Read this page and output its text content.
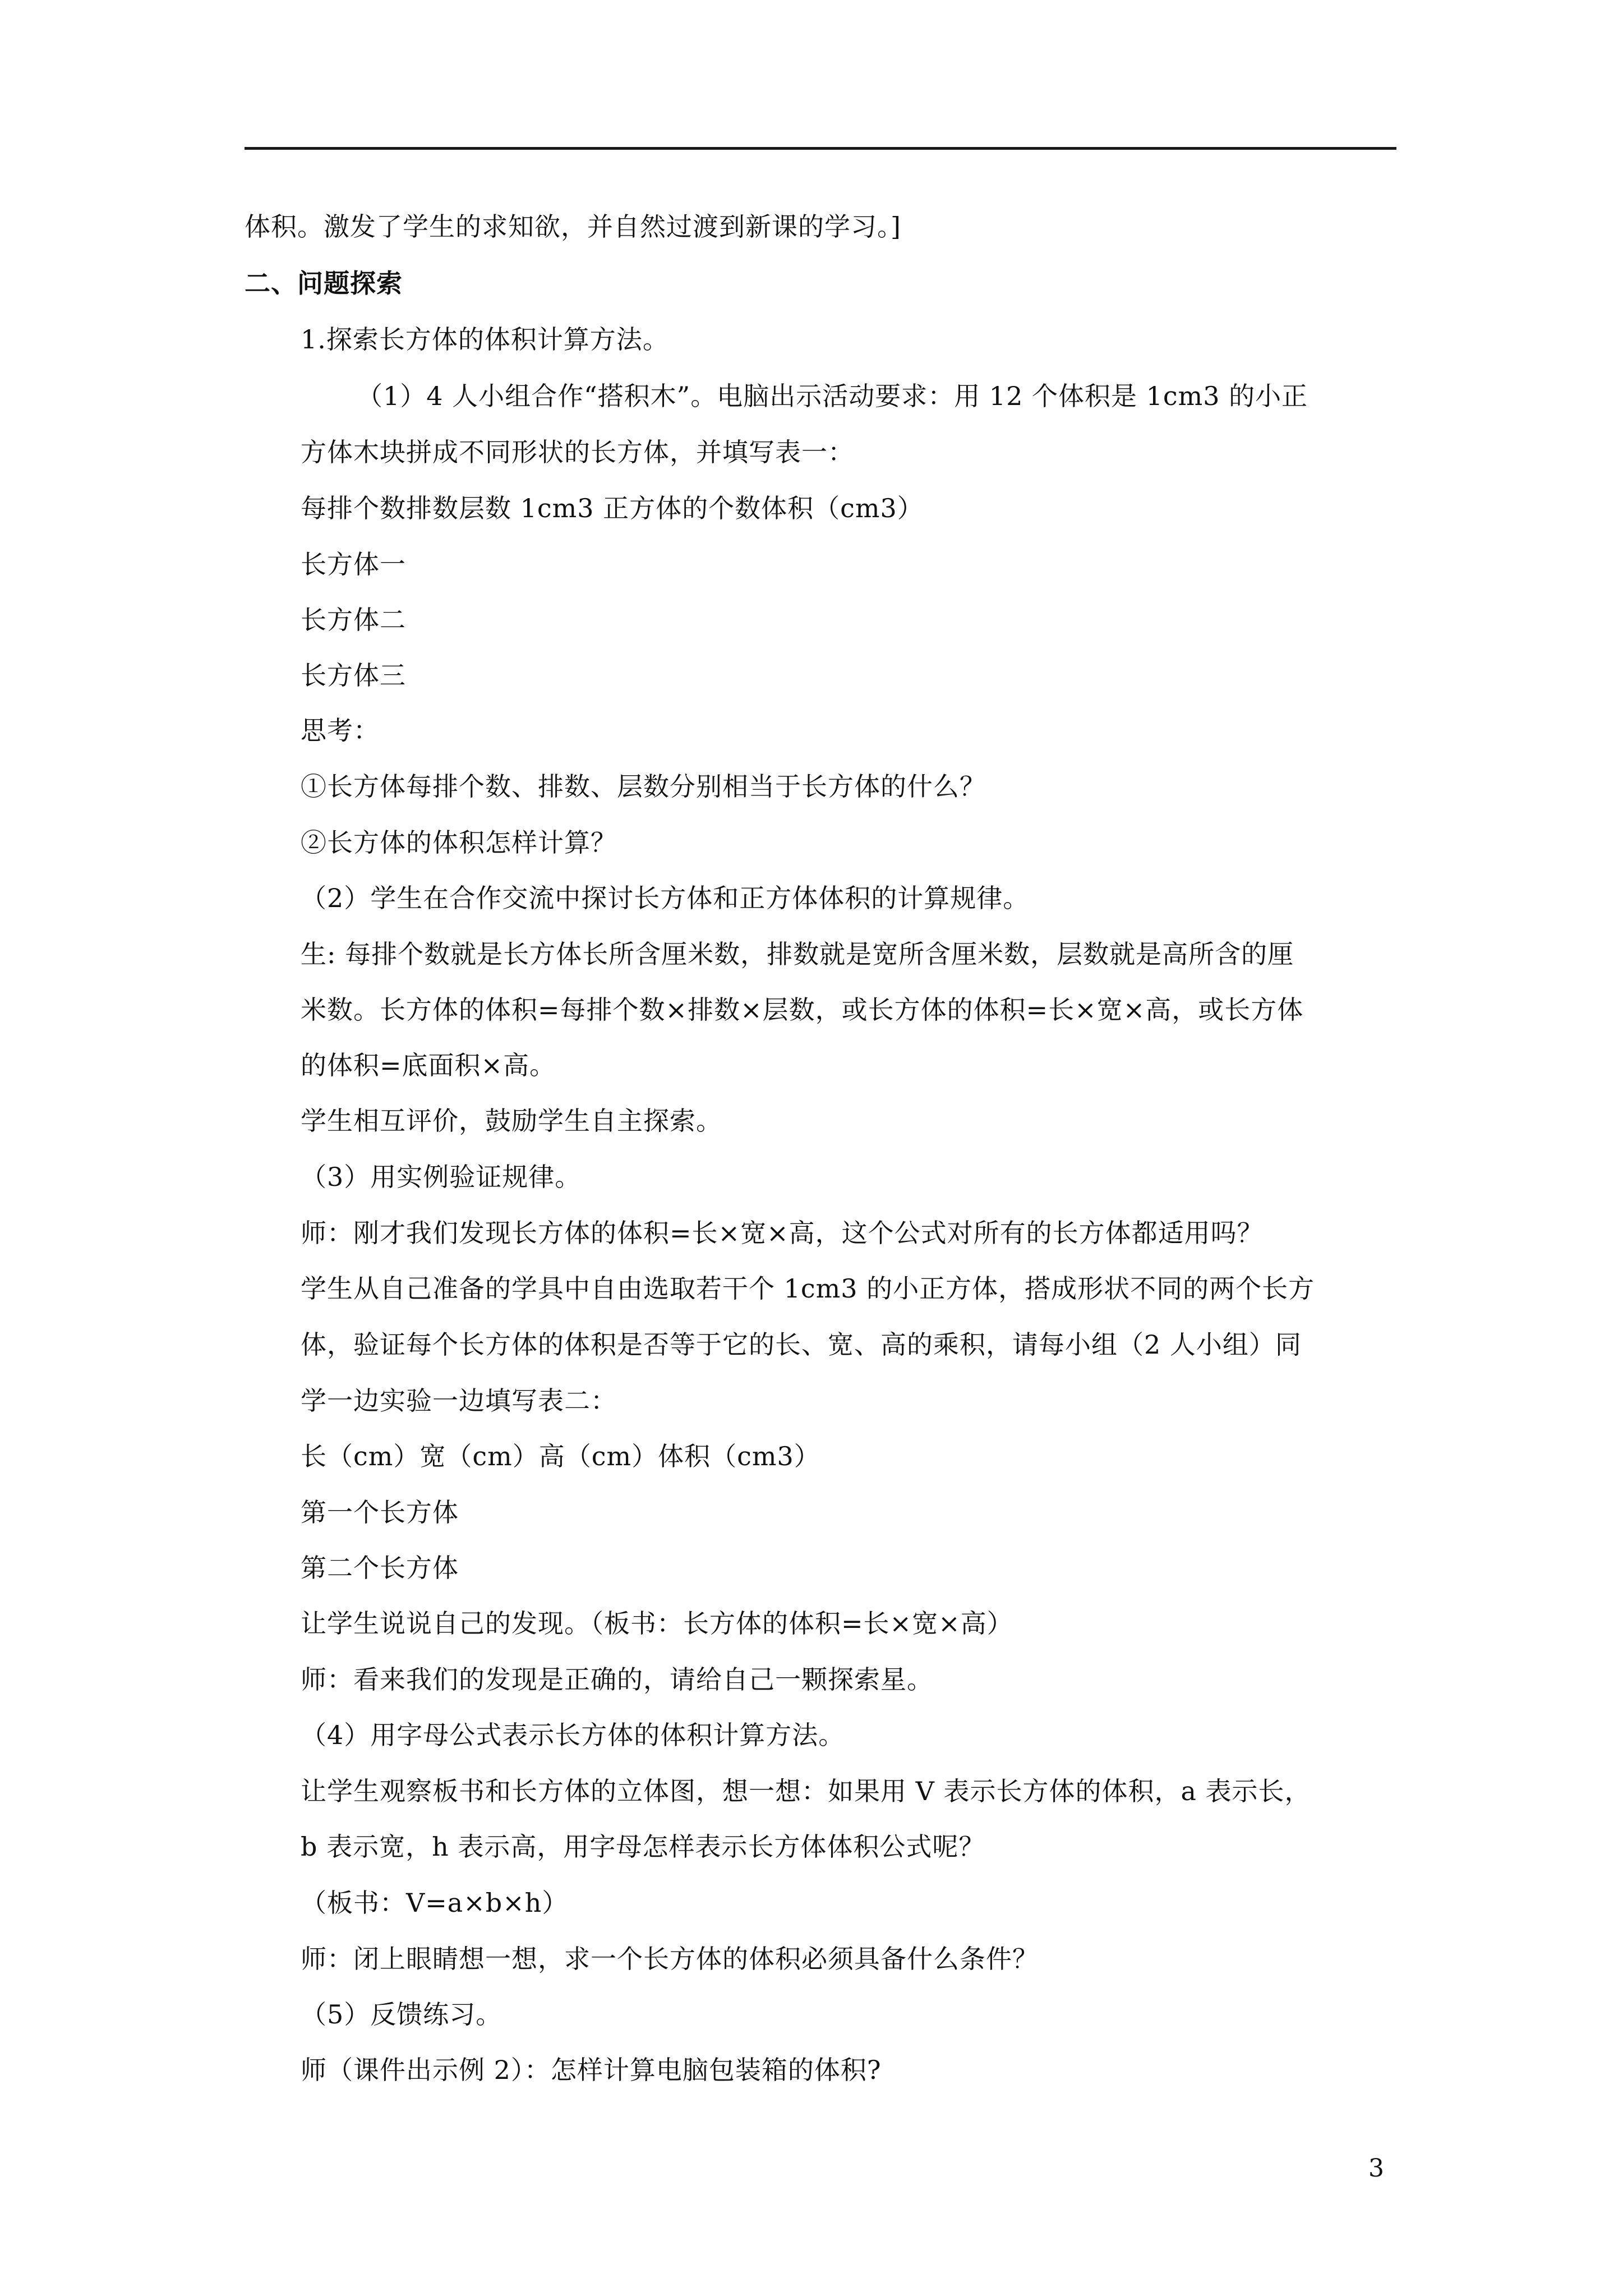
体积。激发了学生的求知欲，并自然过渡到新课的学习。]
二、问题探索
1.探索长方体的体积计算方法。
（1）4 人小组合作“搭积木”。电脑出示活动要求：用 12 个体积是 1cm3 的小正
方体木块拼成不同形状的长方体，并填写表一：
每排个数排数层数 1cm3 正方体的个数体积（cm3）
长方体一
长方体二
长方体三
思考：
①长方体每排个数、排数、层数分别相当于长方体的什么？
②长方体的体积怎样计算？
（2）学生在合作交流中探讨长方体和正方体体积的计算规律。
生: 每排个数就是长方体长所含厘米数，排数就是宽所含厘米数，层数就是高所含的厘
米数。长方体的体积=每排个数×排数×层数，或长方体的体积=长×宽×高，或长方体
的体积=底面积×高。
学生相互评价，鼓励学生自主探索。
（3）用实例验证规律。
师：刚才我们发现长方体的体积=长×宽×高，这个公式对所有的长方体都适用吗？
学生从自己准备的学具中自由选取若干个 1cm3 的小正方体，搭成形状不同的两个长方
体，验证每个长方体的体积是否等于它的长、宽、高的乘积，请每小组（2 人小组）同
学一边实验一边填写表二：
长（cm）宽（cm）高（cm）体积（cm3）
第一个长方体
第二个长方体
让学生说说自己的发现。（板书：长方体的体积=长×宽×高）
师：看来我们的发现是正确的，请给自己一颗探索星。
（4）用字母公式表示长方体的体积计算方法。
让学生观察板书和长方体的立体图，想一想：如果用 V 表示长方体的体积，a 表示长，
b 表示宽，h 表示高，用字母怎样表示长方体体积公式呢？
（板书：V=a×b×h）
师：闭上眼睛想一想，求一个长方体的体积必须具备什么条件？
（5）反馈练习。
师（课件出示例 2）：怎样计算电脑包装箱的体积?
3
